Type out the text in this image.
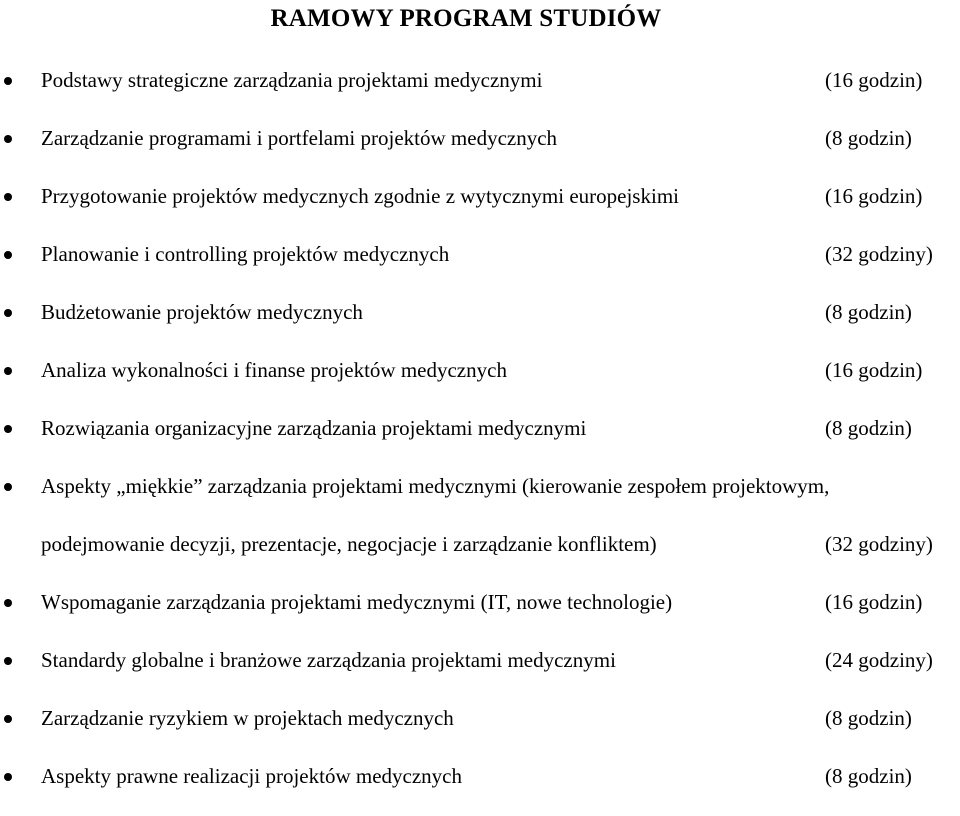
RAMOWY PROGRAM STUDIÓW
Podstawy strategiczne zarządzania projektami medycznymi	(16 godzin)
Zarządzanie programami i portfelami projektów medycznych	(8 godzin)
Przygotowanie projektów medycznych zgodnie z wytycznymi europejskimi	(16 godzin)
Planowanie i controlling projektów medycznych	(32 godziny)
Budżetowanie projektów medycznych	(8 godzin)
Analiza wykonalności i finanse projektów medycznych	(16 godzin)
Rozwiązania organizacyjne zarządzania projektami medycznymi	(8 godzin)
Aspekty „miękkie” zarządzania projektami medycznymi (kierowanie zespołem projektowym,
podejmowanie decyzji, prezentacje, negocjacje i zarządzanie konfliktem)	(32 godziny)
Wspomaganie zarządzania projektami medycznymi (IT, nowe technologie)	(16 godzin)
Standardy globalne i branżowe zarządzania projektami medycznymi	(24 godziny)
Zarządzanie ryzykiem w projektach medycznych	(8 godzin)
Aspekty prawne realizacji projektów medycznych	(8 godzin)
